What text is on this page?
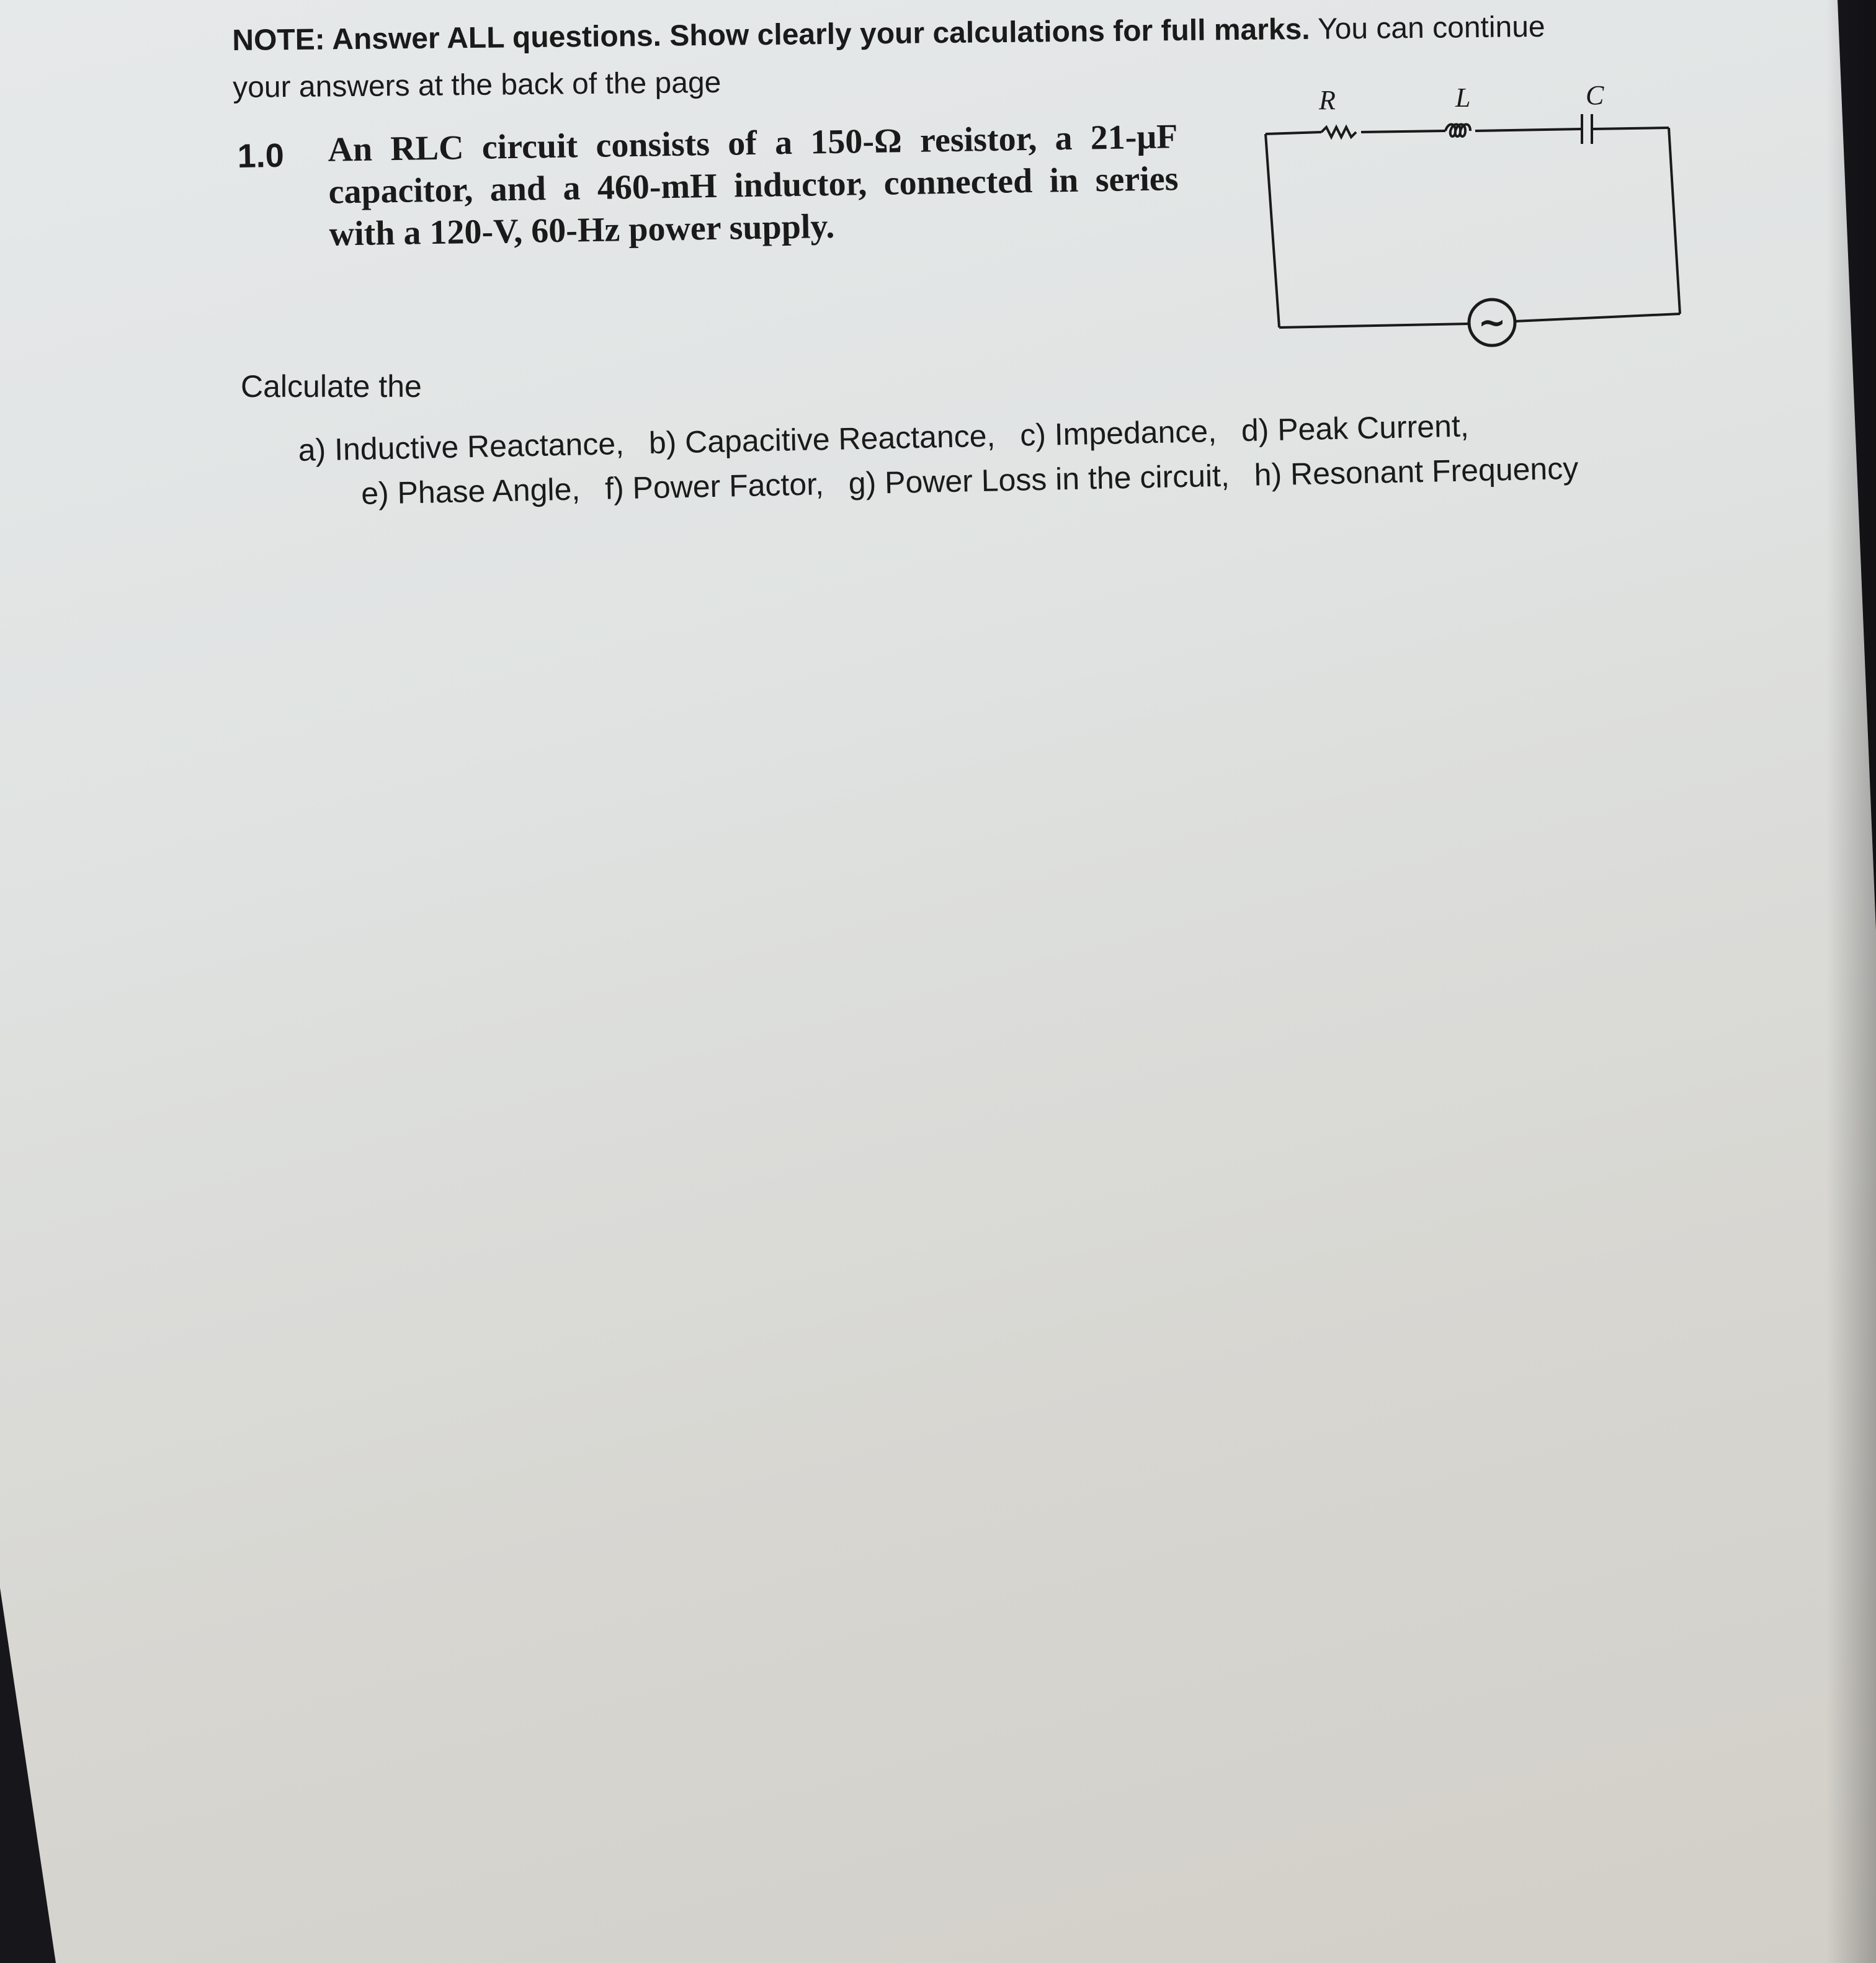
NOTE: Answer ALL questions. Show clearly your calculations for full marks. You can continue your answers at the back of the page
1.0 An RLC circuit consists of a 150-Ω resistor, a 21-μF capacitor, and a 460-mH inductor, connected in series with a 120-V, 60-Hz power supply.
~
R	L	C
Calculate the
a) Inductive Reactance, b) Capacitive Reactance, c) Impedance, d) Peak Current,
e) Phase Angle, f) Power Factor, g) Power Loss in the circuit, h) Resonant Frequency
